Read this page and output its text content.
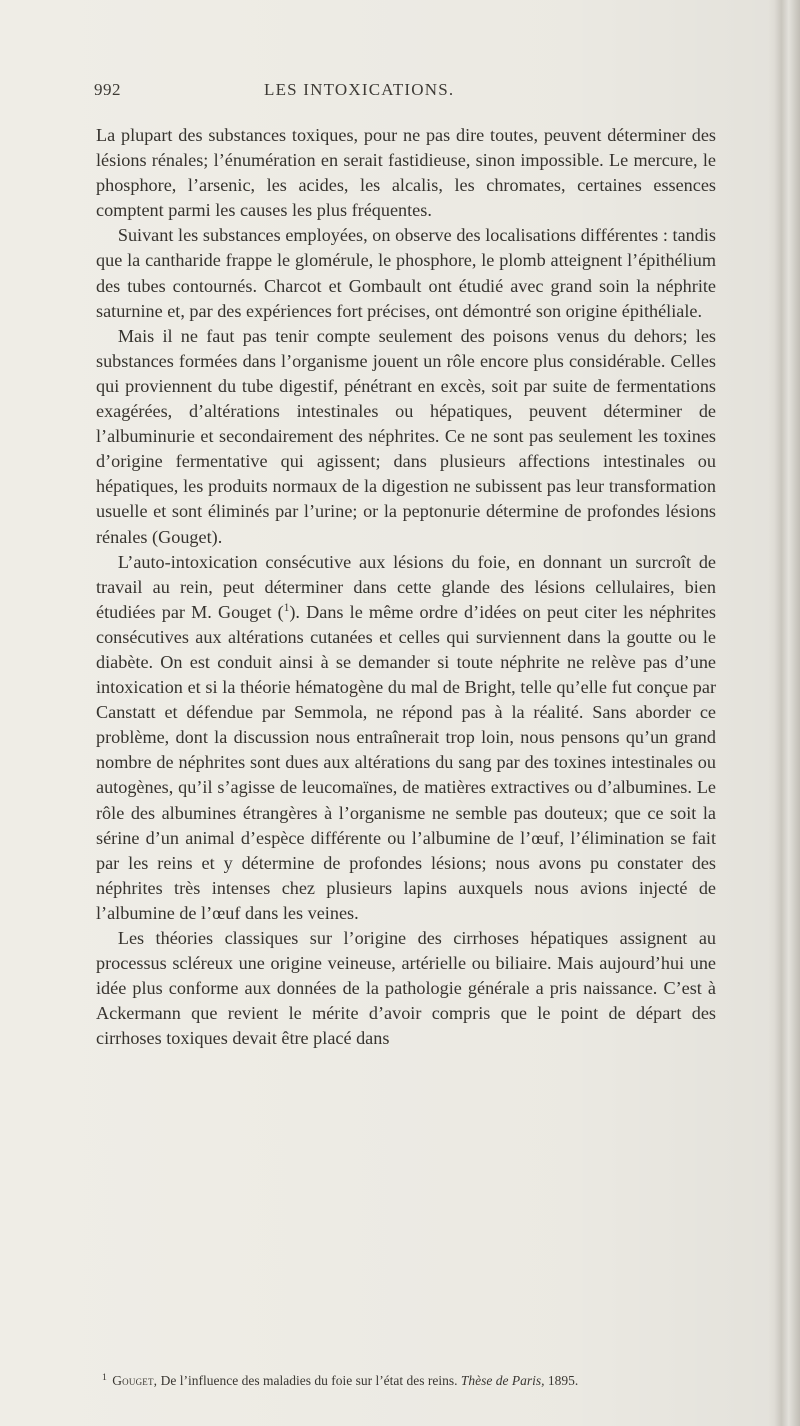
992	LES INTOXICATIONS.

La plupart des substances toxiques, pour ne pas dire toutes, peuvent déterminer des lésions rénales; l’énumération en serait fastidieuse, sinon impossible. Le mercure, le phosphore, l’arsenic, les acides, les alcalis, les chromates, certaines essences comptent parmi les causes les plus fréquentes.

Suivant les substances employées, on observe des localisations différentes : tandis que la cantharide frappe le glomérule, le phosphore, le plomb atteignent l’épithélium des tubes contournés. Charcot et Gombault ont étudié avec grand soin la néphrite saturnine et, par des expériences fort précises, ont démontré son origine épithéliale.

Mais il ne faut pas tenir compte seulement des poisons venus du dehors; les substances formées dans l’organisme jouent un rôle encore plus considérable. Celles qui proviennent du tube digestif, pénétrant en excès, soit par suite de fermentations exagérées, d’altérations intestinales ou hépatiques, peuvent déterminer de l’albuminurie et secondairement des néphrites. Ce ne sont pas seulement les toxines d’origine fermentative qui agissent; dans plusieurs affections intestinales ou hépatiques, les produits normaux de la digestion ne subissent pas leur transformation usuelle et sont éliminés par l’urine; or la peptonurie détermine de profondes lésions rénales (Gouget).

L’auto-intoxication consécutive aux lésions du foie, en donnant un surcroît de travail au rein, peut déterminer dans cette glande des lésions cellulaires, bien étudiées par M. Gouget ($^1$). Dans le même ordre d’idées on peut citer les néphrites consécutives aux altérations cutanées et celles qui surviennent dans la goutte ou le diabète. On est conduit ainsi à se demander si toute néphrite ne relève pas d’une intoxication et si la théorie hématogène du mal de Bright, telle qu’elle fut conçue par Canstatt et défendue par Semmola, ne répond pas à la réalité. Sans aborder ce problème, dont la discussion nous entraînerait trop loin, nous pensons qu’un grand nombre de néphrites sont dues aux altérations du sang par des toxines intestinales ou autogènes, qu’il s’agisse de leucomaïnes, de matières extractives ou d’albumines. Le rôle des albumines étrangères à l’organisme ne semble pas douteux; que ce soit la sérine d’un animal d’espèce différente ou l’albumine de l’œuf, l’élimination se fait par les reins et y détermine de profondes lésions; nous avons pu constater des néphrites très intenses chez plusieurs lapins auxquels nous avions injecté de l’albumine de l’œuf dans les veines.

Les théories classiques sur l’origine des cirrhoses hépatiques assignent au processus scléreux une origine veineuse, artérielle ou biliaire. Mais aujourd’hui une idée plus conforme aux données de la pathologie générale a pris naissance. C’est à Ackermann que revient le mérite d’avoir compris que le point de départ des cirrhoses toxiques devait être placé dans

$^1$ Gouget, De l’influence des maladies du foie sur l’état des reins. Thèse de Paris, 1895.
